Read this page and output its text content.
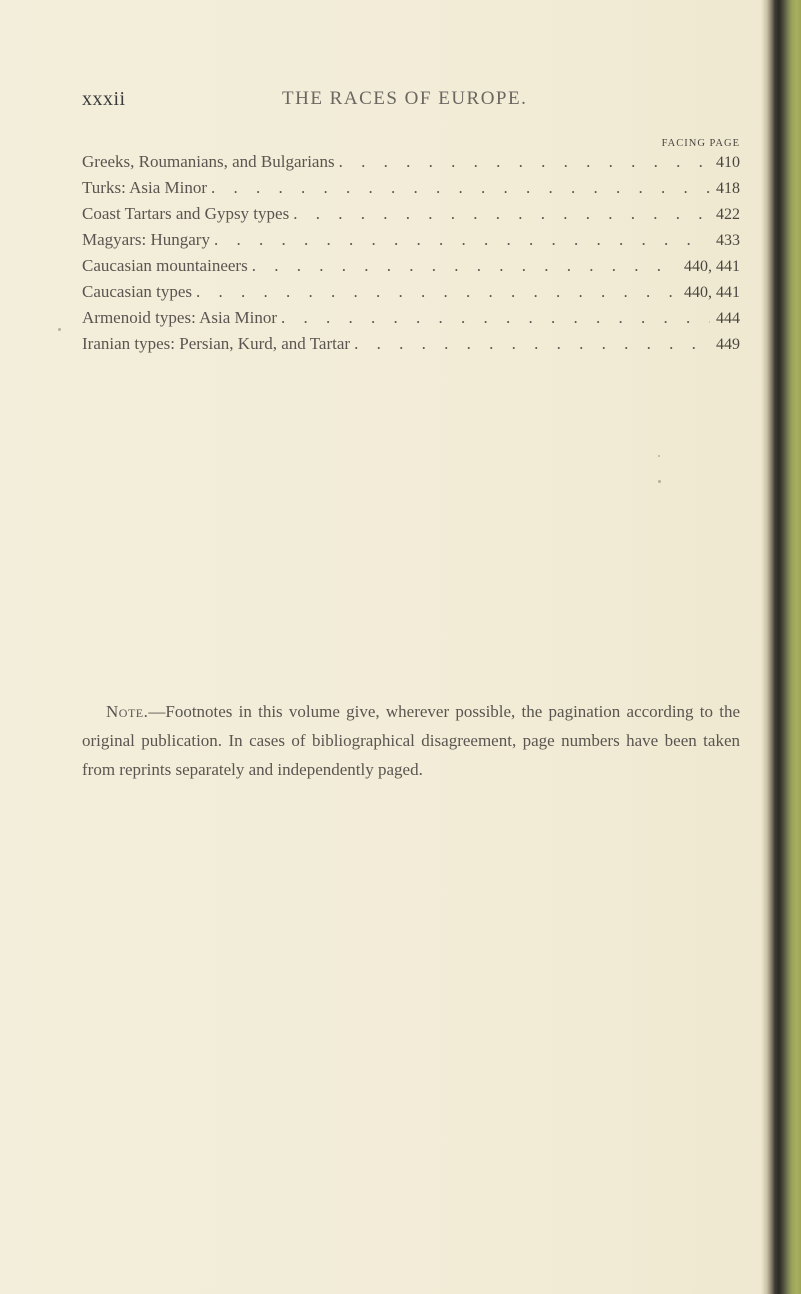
xxxii	THE RACES OF EUROPE.
FACING PAGE
Greeks, Roumanians, and Bulgarians . . .	410
Turks: Asia Minor . . .	418
Coast Tartars and Gypsy types . . .	422
Magyars: Hungary . . .	433
Caucasian mountaineers . . .	440, 441
Caucasian types . . .	440, 441
Armenoid types: Asia Minor . . .	444
Iranian types: Persian, Kurd, and Tartar . . .	449

Note.—Footnotes in this volume give, wherever possible, the pagination according to the original publication. In cases of bibliographical disagreement, page numbers have been taken from reprints separately and independently paged.
